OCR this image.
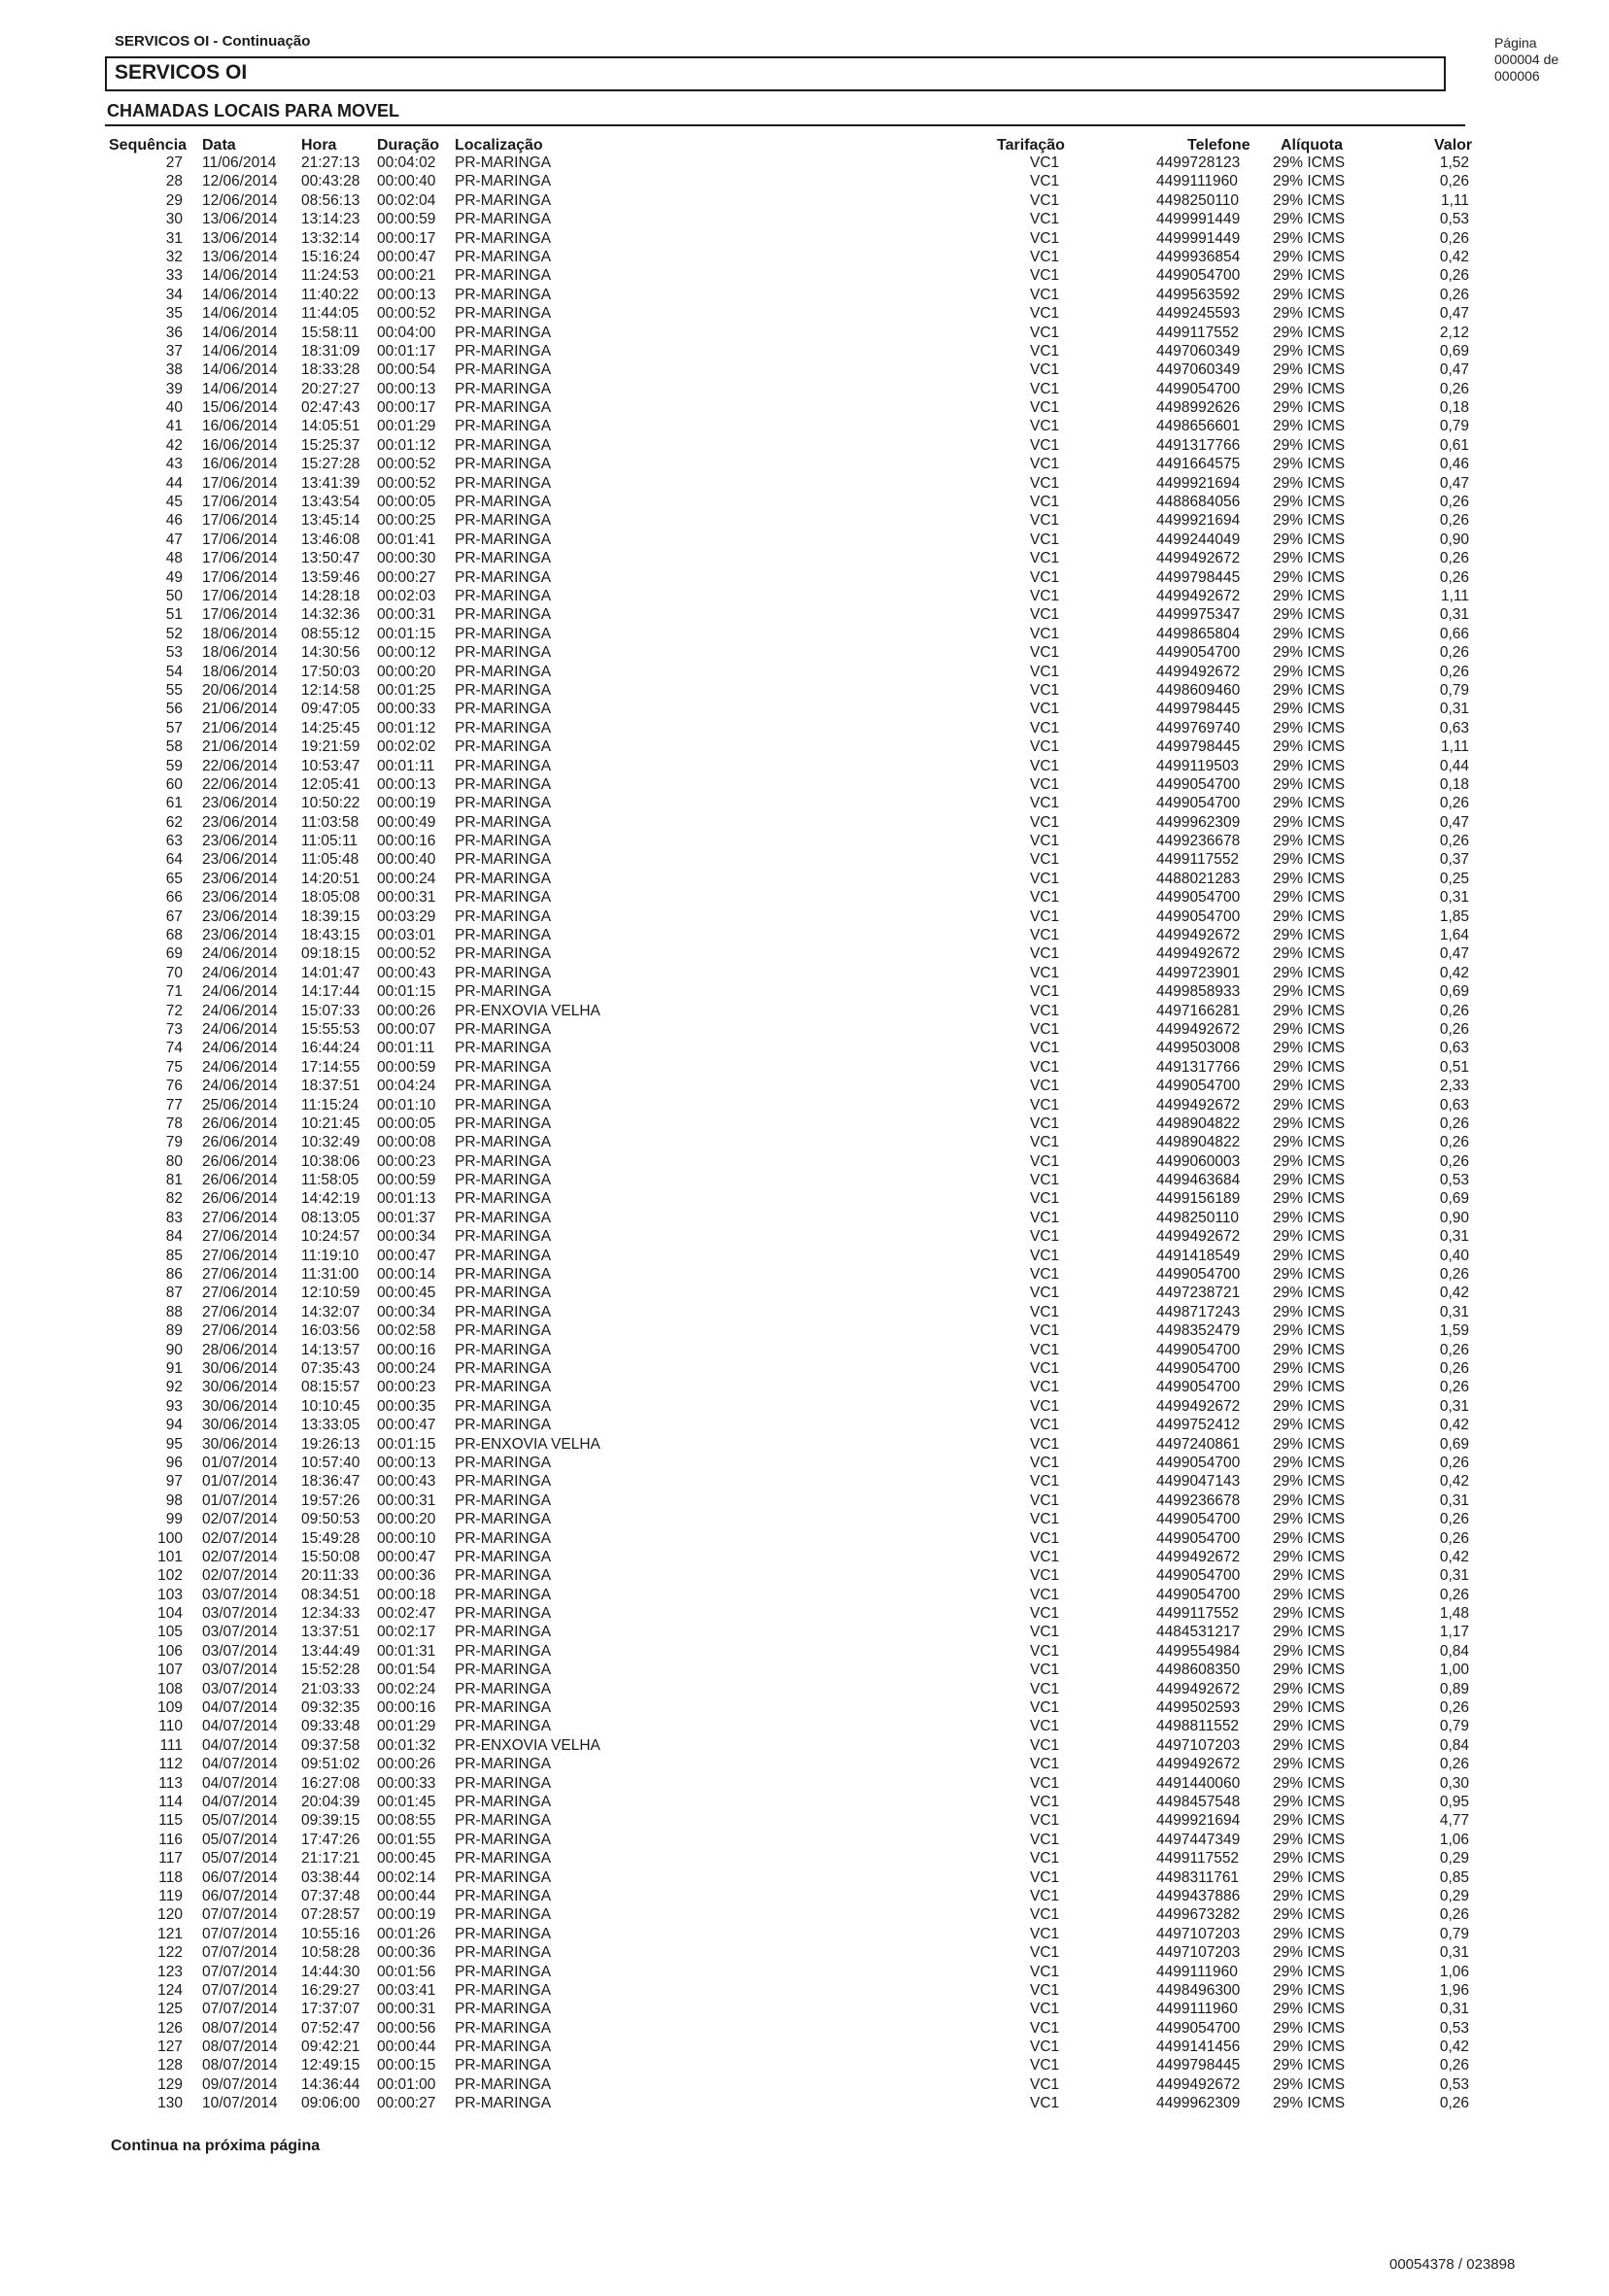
SERVICOS OI - Continuação	Página
000004 de
000006
SERVICOS OI
CHAMADAS LOCAIS PARA MOVEL
Sequência Data	Hora	Duração Localização	Tarifação	Telefone Alíquota	Valor
27 11/06/2014 21:27:13 00:04:02 PR-MARINGA	VC1	4499728123 29% ICMS	1,52
28 12/06/2014 00:43:28 00:00:40 PR-MARINGA	VC1	4499111960 29% ICMS	0,26
29 12/06/2014 08:56:13 00:02:04 PR-MARINGA	VC1	4498250110 29% ICMS	1,11
30 13/06/2014 13:14:23 00:00:59 PR-MARINGA	VC1	4499991449 29% ICMS	0,53
31 13/06/2014 13:32:14 00:00:17 PR-MARINGA	VC1	4499991449 29% ICMS	0,26
32 13/06/2014 15:16:24 00:00:47 PR-MARINGA	VC1	4499936854 29% ICMS	0,42
33 14/06/2014 11:24:53 00:00:21 PR-MARINGA	VC1	4499054700 29% ICMS	0,26
34 14/06/2014 11:40:22 00:00:13 PR-MARINGA	VC1	4499563592 29% ICMS	0,26
35 14/06/2014 11:44:05 00:00:52 PR-MARINGA	VC1	4499245593 29% ICMS	0,47
36 14/06/2014 15:58:11 00:04:00 PR-MARINGA	VC1	4499117552 29% ICMS	2,12
37 14/06/2014 18:31:09 00:01:17 PR-MARINGA	VC1	4497060349 29% ICMS	0,69
38 14/06/2014 18:33:28 00:00:54 PR-MARINGA	VC1	4497060349 29% ICMS	0,47
39 14/06/2014 20:27:27 00:00:13 PR-MARINGA	VC1	4499054700 29% ICMS	0,26
40 15/06/2014 02:47:43 00:00:17 PR-MARINGA	VC1	4498992626 29% ICMS	0,18
41 16/06/2014 14:05:51 00:01:29 PR-MARINGA	VC1	4498656601 29% ICMS	0,79
42 16/06/2014 15:25:37 00:01:12 PR-MARINGA	VC1	4491317766 29% ICMS	0,61
43 16/06/2014 15:27:28 00:00:52 PR-MARINGA	VC1	4491664575 29% ICMS	0,46
44 17/06/2014 13:41:39 00:00:52 PR-MARINGA	VC1	4499921694 29% ICMS	0,47
45 17/06/2014 13:43:54 00:00:05 PR-MARINGA	VC1	4488684056 29% ICMS	0,26
46 17/06/2014 13:45:14 00:00:25 PR-MARINGA	VC1	4499921694 29% ICMS	0,26
47 17/06/2014 13:46:08 00:01:41 PR-MARINGA	VC1	4499244049 29% ICMS	0,90
48 17/06/2014 13:50:47 00:00:30 PR-MARINGA	VC1	4499492672 29% ICMS	0,26
49 17/06/2014 13:59:46 00:00:27 PR-MARINGA	VC1	4499798445 29% ICMS	0,26
50 17/06/2014 14:28:18 00:02:03 PR-MARINGA	VC1	4499492672 29% ICMS	1,11
51 17/06/2014 14:32:36 00:00:31 PR-MARINGA	VC1	4499975347 29% ICMS	0,31
52 18/06/2014 08:55:12 00:01:15 PR-MARINGA	VC1	4499865804 29% ICMS	0,66
53 18/06/2014 14:30:56 00:00:12 PR-MARINGA	VC1	4499054700 29% ICMS	0,26
54 18/06/2014 17:50:03 00:00:20 PR-MARINGA	VC1	4499492672 29% ICMS	0,26
55 20/06/2014 12:14:58 00:01:25 PR-MARINGA	VC1	4498609460 29% ICMS	0,79
56 21/06/2014 09:47:05 00:00:33 PR-MARINGA	VC1	4499798445 29% ICMS	0,31
57 21/06/2014 14:25:45 00:01:12 PR-MARINGA	VC1	4499769740 29% ICMS	0,63
58 21/06/2014 19:21:59 00:02:02 PR-MARINGA	VC1	4499798445 29% ICMS	1,11
59 22/06/2014 10:53:47 00:01:11 PR-MARINGA	VC1	4499119503 29% ICMS	0,44
60 22/06/2014 12:05:41 00:00:13 PR-MARINGA	VC1	4499054700 29% ICMS	0,18
61 23/06/2014 10:50:22 00:00:19 PR-MARINGA	VC1	4499054700 29% ICMS	0,26
62 23/06/2014 11:03:58 00:00:49 PR-MARINGA	VC1	4499962309 29% ICMS	0,47
63 23/06/2014 11:05:11 00:00:16 PR-MARINGA	VC1	4499236678 29% ICMS	0,26
64 23/06/2014 11:05:48 00:00:40 PR-MARINGA	VC1	4499117552 29% ICMS	0,37
65 23/06/2014 14:20:51 00:00:24 PR-MARINGA	VC1	4488021283 29% ICMS	0,25
66 23/06/2014 18:05:08 00:00:31 PR-MARINGA	VC1	4499054700 29% ICMS	0,31
67 23/06/2014 18:39:15 00:03:29 PR-MARINGA	VC1	4499054700 29% ICMS	1,85
68 23/06/2014 18:43:15 00:03:01 PR-MARINGA	VC1	4499492672 29% ICMS	1,64
69 24/06/2014 09:18:15 00:00:52 PR-MARINGA	VC1	4499492672 29% ICMS	0,47
70 24/06/2014 14:01:47 00:00:43 PR-MARINGA	VC1	4499723901 29% ICMS	0,42
71 24/06/2014 14:17:44 00:01:15 PR-MARINGA	VC1	4499858933 29% ICMS	0,69
72 24/06/2014 15:07:33 00:00:26 PR-ENXOVIA VELHA	VC1	4497166281 29% ICMS	0,26
73 24/06/2014 15:55:53 00:00:07 PR-MARINGA	VC1	4499492672 29% ICMS	0,26
74 24/06/2014 16:44:24 00:01:11 PR-MARINGA	VC1	4499503008 29% ICMS	0,63
75 24/06/2014 17:14:55 00:00:59 PR-MARINGA	VC1	4491317766 29% ICMS	0,51
76 24/06/2014 18:37:51 00:04:24 PR-MARINGA	VC1	4499054700 29% ICMS	2,33
77 25/06/2014 11:15:24 00:01:10 PR-MARINGA	VC1	4499492672 29% ICMS	0,63
78 26/06/2014 10:21:45 00:00:05 PR-MARINGA	VC1	4498904822 29% ICMS	0,26
79 26/06/2014 10:32:49 00:00:08 PR-MARINGA	VC1	4498904822 29% ICMS	0,26
80 26/06/2014 10:38:06 00:00:23 PR-MARINGA	VC1	4499060003 29% ICMS	0,26
81 26/06/2014 11:58:05 00:00:59 PR-MARINGA	VC1	4499463684 29% ICMS	0,53
82 26/06/2014 14:42:19 00:01:13 PR-MARINGA	VC1	4499156189 29% ICMS	0,69
83 27/06/2014 08:13:05 00:01:37 PR-MARINGA	VC1	4498250110 29% ICMS	0,90
84 27/06/2014 10:24:57 00:00:34 PR-MARINGA	VC1	4499492672 29% ICMS	0,31
85 27/06/2014 11:19:10 00:00:47 PR-MARINGA	VC1	4491418549 29% ICMS	0,40
86 27/06/2014 11:31:00 00:00:14 PR-MARINGA	VC1	4499054700 29% ICMS	0,26
87 27/06/2014 12:10:59 00:00:45 PR-MARINGA	VC1	4497238721 29% ICMS	0,42
88 27/06/2014 14:32:07 00:00:34 PR-MARINGA	VC1	4498717243 29% ICMS	0,31
89 27/06/2014 16:03:56 00:02:58 PR-MARINGA	VC1	4498352479 29% ICMS	1,59
90 28/06/2014 14:13:57 00:00:16 PR-MARINGA	VC1	4499054700 29% ICMS	0,26
91 30/06/2014 07:35:43 00:00:24 PR-MARINGA	VC1	4499054700 29% ICMS	0,26
92 30/06/2014 08:15:57 00:00:23 PR-MARINGA	VC1	4499054700 29% ICMS	0,26
93 30/06/2014 10:10:45 00:00:35 PR-MARINGA	VC1	4499492672 29% ICMS	0,31
94 30/06/2014 13:33:05 00:00:47 PR-MARINGA	VC1	4499752412 29% ICMS	0,42
95 30/06/2014 19:26:13 00:01:15 PR-ENXOVIA VELHA	VC1	4497240861 29% ICMS	0,69
96 01/07/2014 10:57:40 00:00:13 PR-MARINGA	VC1	4499054700 29% ICMS	0,26
97 01/07/2014 18:36:47 00:00:43 PR-MARINGA	VC1	4499047143 29% ICMS	0,42
98 01/07/2014 19:57:26 00:00:31 PR-MARINGA	VC1	4499236678 29% ICMS	0,31
99 02/07/2014 09:50:53 00:00:20 PR-MARINGA	VC1	4499054700 29% ICMS	0,26
100 02/07/2014 15:49:28 00:00:10 PR-MARINGA	VC1	4499054700 29% ICMS	0,26
101 02/07/2014 15:50:08 00:00:47 PR-MARINGA	VC1	4499492672 29% ICMS	0,42
102 02/07/2014 20:11:33 00:00:36 PR-MARINGA	VC1	4499054700 29% ICMS	0,31
103 03/07/2014 08:34:51 00:00:18 PR-MARINGA	VC1	4499054700 29% ICMS	0,26
104 03/07/2014 12:34:33 00:02:47 PR-MARINGA	VC1	4499117552 29% ICMS	1,48
105 03/07/2014 13:37:51 00:02:17 PR-MARINGA	VC1	4484531217 29% ICMS	1,17
106 03/07/2014 13:44:49 00:01:31 PR-MARINGA	VC1	4499554984 29% ICMS	0,84
107 03/07/2014 15:52:28 00:01:54 PR-MARINGA	VC1	4498608350 29% ICMS	1,00
108 03/07/2014 21:03:33 00:02:24 PR-MARINGA	VC1	4499492672 29% ICMS	0,89
109 04/07/2014 09:32:35 00:00:16 PR-MARINGA	VC1	4499502593 29% ICMS	0,26
110 04/07/2014 09:33:48 00:01:29 PR-MARINGA	VC1	4498811552 29% ICMS	0,79
111 04/07/2014 09:37:58 00:01:32 PR-ENXOVIA VELHA	VC1	4497107203 29% ICMS	0,84
112 04/07/2014 09:51:02 00:00:26 PR-MARINGA	VC1	4499492672 29% ICMS	0,26
113 04/07/2014 16:27:08 00:00:33 PR-MARINGA	VC1	4491440060 29% ICMS	0,30
114 04/07/2014 20:04:39 00:01:45 PR-MARINGA	VC1	4498457548 29% ICMS	0,95
115 05/07/2014 09:39:15 00:08:55 PR-MARINGA	VC1	4499921694 29% ICMS	4,77
116 05/07/2014 17:47:26 00:01:55 PR-MARINGA	VC1	4497447349 29% ICMS	1,06
117 05/07/2014 21:17:21 00:00:45 PR-MARINGA	VC1	4499117552 29% ICMS	0,29
118 06/07/2014 03:38:44 00:02:14 PR-MARINGA	VC1	4498311761 29% ICMS	0,85
119 06/07/2014 07:37:48 00:00:44 PR-MARINGA	VC1	4499437886 29% ICMS	0,29
120 07/07/2014 07:28:57 00:00:19 PR-MARINGA	VC1	4499673282 29% ICMS	0,26
121 07/07/2014 10:55:16 00:01:26 PR-MARINGA	VC1	4497107203 29% ICMS	0,79
122 07/07/2014 10:58:28 00:00:36 PR-MARINGA	VC1	4497107203 29% ICMS	0,31
123 07/07/2014 14:44:30 00:01:56 PR-MARINGA	VC1	4499111960 29% ICMS	1,06
124 07/07/2014 16:29:27 00:03:41 PR-MARINGA	VC1	4498496300 29% ICMS	1,96
125 07/07/2014 17:37:07 00:00:31 PR-MARINGA	VC1	4499111960 29% ICMS	0,31
126 08/07/2014 07:52:47 00:00:56 PR-MARINGA	VC1	4499054700 29% ICMS	0,53
127 08/07/2014 09:42:21 00:00:44 PR-MARINGA	VC1	4499141456 29% ICMS	0,42
128 08/07/2014 12:49:15 00:00:15 PR-MARINGA	VC1	4499798445 29% ICMS	0,26
129 09/07/2014 14:36:44 00:01:00 PR-MARINGA	VC1	4499492672 29% ICMS	0,53
130 10/07/2014 09:06:00 00:00:27 PR-MARINGA	VC1	4499962309 29% ICMS	0,26
Continua na próxima página
00054378 / 023898
